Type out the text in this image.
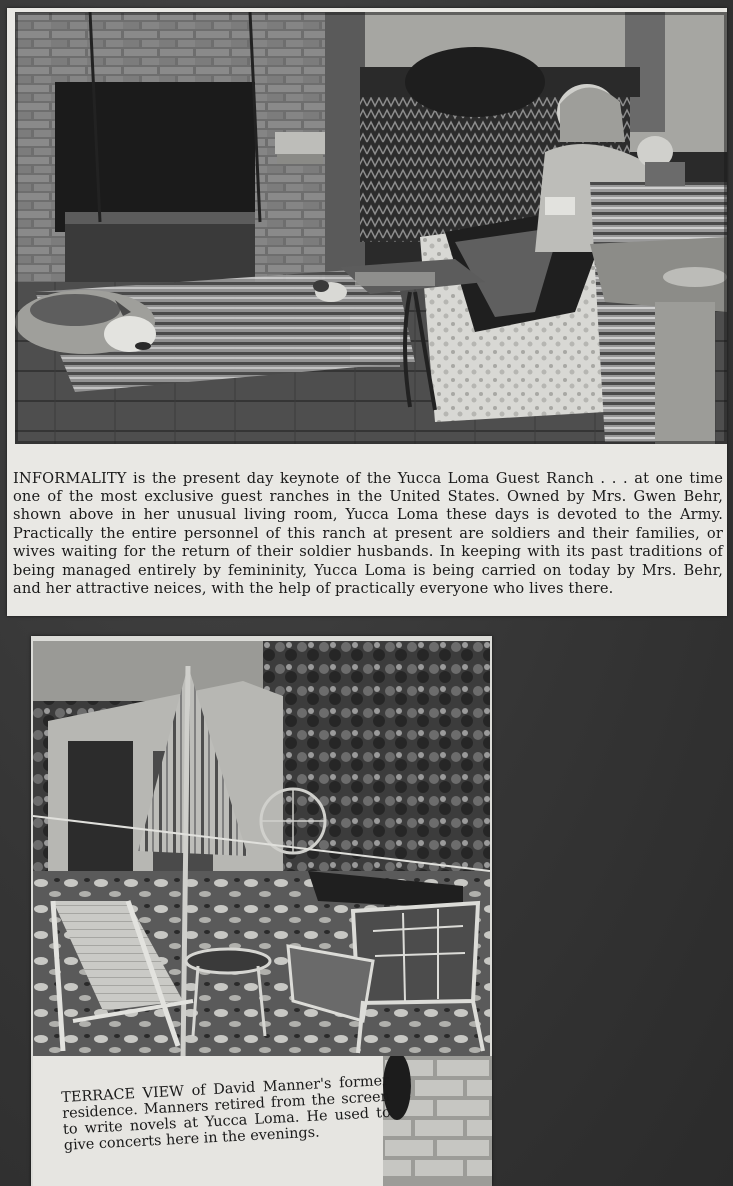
INFORMALITY is the present day keynote of the Yucca Loma Guest Ranch . . . at one time one of the most exclusive guest ranches in the United States. Owned by Mrs. Gwen Behr, shown above in her unusual living room, Yucca Loma these days is devoted to the Army. Practically the entire personnel of this ranch at present are soldiers and their families, or wives waiting for the return of their soldier husbands. In keeping with its past traditions of being managed entirely by femininity, Yucca Loma is being carried on today by Mrs. Behr, and her attractive neices, with the help of practically everyone who lives there.

TERRACE VIEW of David Manner's former residence. Manners retired from the screen to write novels at Yucca Loma. He used to give concerts here in the evenings.
